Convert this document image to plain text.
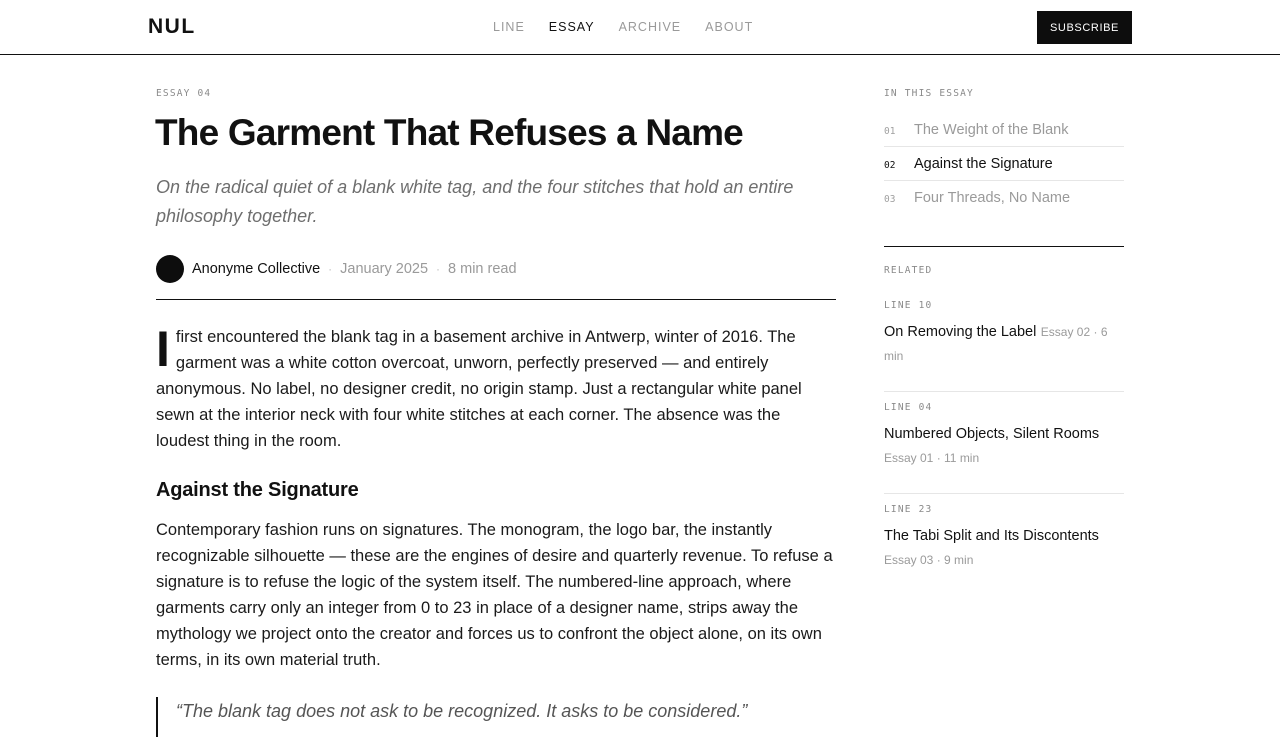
NUL	LINE ESSAY ARCHIVE ABOUT	SUBSCRIBE
ESSAY 04
The Garment That Refuses a Name

On the radical quiet of a blank white tag, and the four stitches that hold an entire philosophy together.

Anonyme Collective · January 2025 · 8 min read

I first encountered the blank tag in a basement archive in Antwerp, winter of 2016. The garment was a white cotton overcoat, unworn, perfectly preserved — and entirely anonymous. No label, no designer credit, no origin stamp. Just a rectangular white panel sewn at the interior neck with four white stitches at each corner. The absence was the loudest thing in the room.

Against the Signature

Contemporary fashion runs on signatures. The monogram, the logo bar, the instantly recognizable silhouette — these are the engines of desire and quarterly revenue. To refuse a signature is to refuse the logic of the system itself. The numbered-line approach, where garments carry only an integer from 0 to 23 in place of a designer name, strips away the mythology we project onto the creator and forces us to confront the object alone, on its own terms, in its own material truth.

“The blank tag does not ask to be recognized. It asks to be considered.”
IN THIS ESSAY
01	The Weight of the Blank
02	Against the Signature
03	Four Threads, No Name
RELATED
LINE 10
On Removing the Label Essay 02 · 6 min
LINE 04
Numbered Objects, Silent Rooms
Essay 01 · 11 min
LINE 23
The Tabi Split and Its Discontents
Essay 03 · 9 min
